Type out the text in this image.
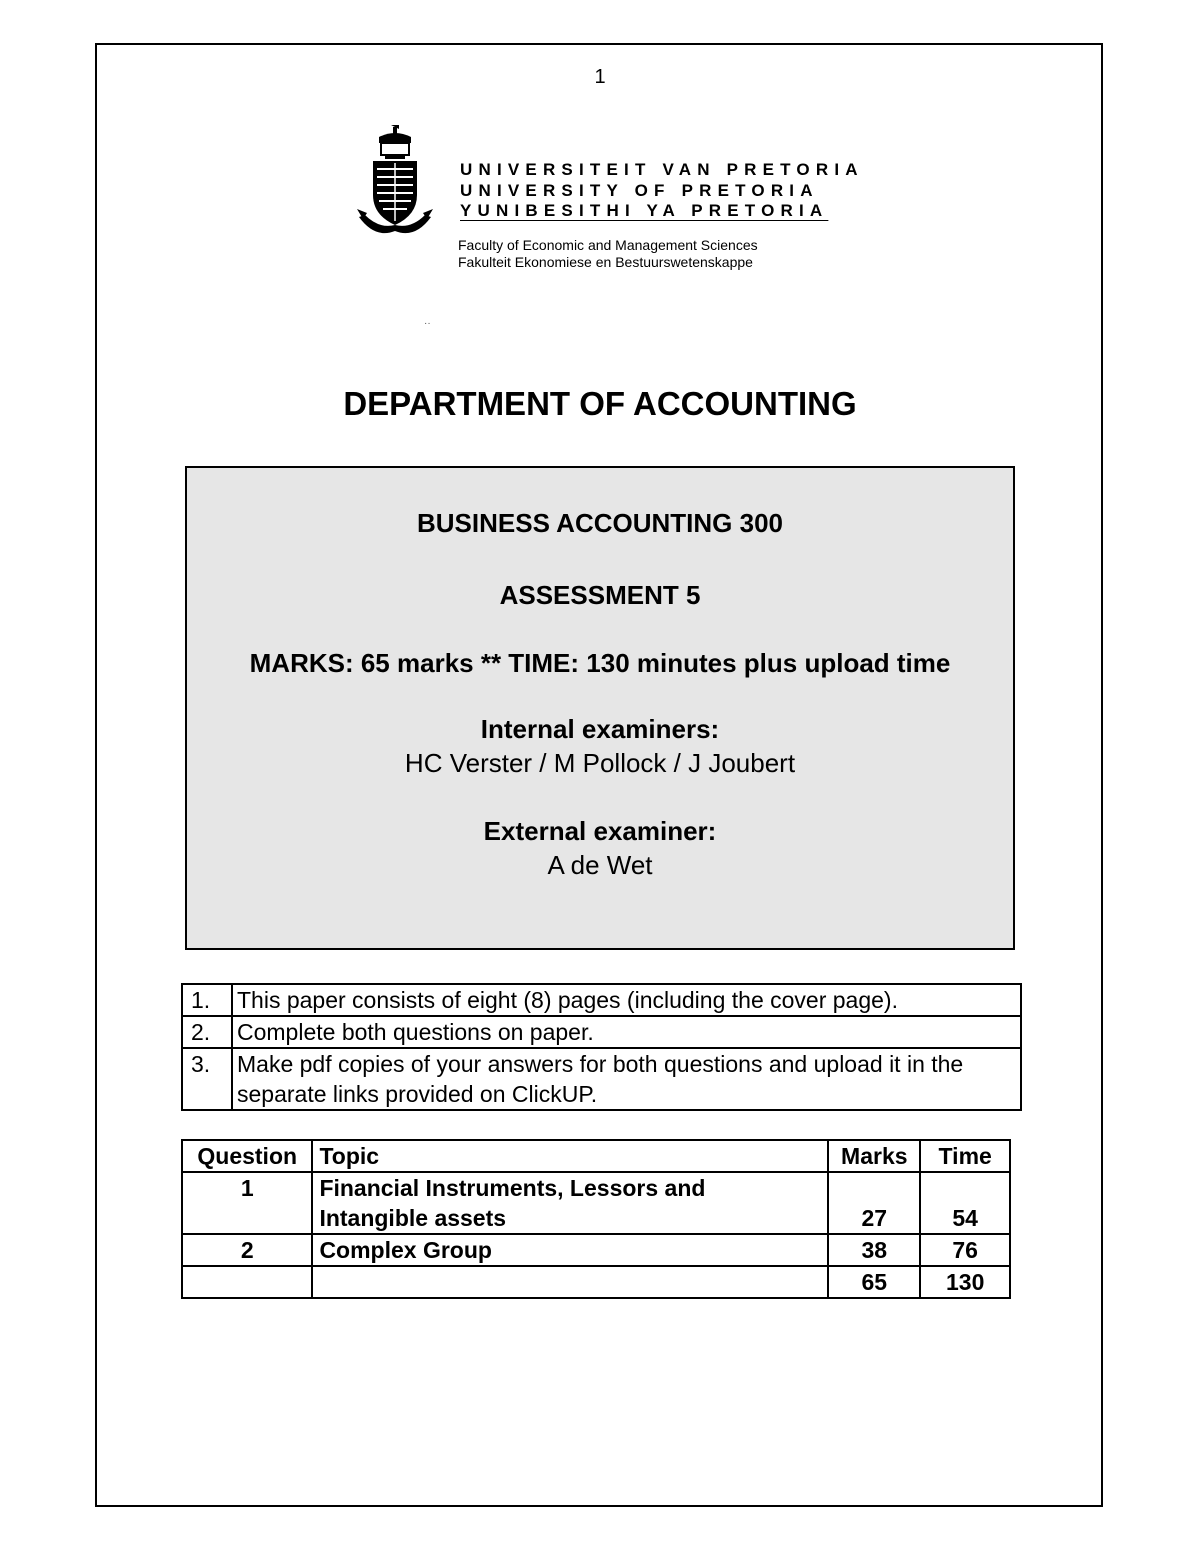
1
UNIVERSITEIT VAN PRETORIA
UNIVERSITY OF PRETORIA
YUNIBESITHI YA PRETORIA
Faculty of Economic and Management Sciences
Fakulteit Ekonomiese en Bestuurswetenskappe
··
DEPARTMENT OF ACCOUNTING
BUSINESS ACCOUNTING 300
ASSESSMENT 5
MARKS: 65 marks ** TIME: 130 minutes plus upload time
Internal examiners:
HC Verster / M Pollock / J Joubert
External examiner:
A de Wet
1.	This paper consists of eight (8) pages (including the cover page).
2.	Complete both questions on paper.
3.	Make pdf copies of your answers for both questions and upload it in the separate links provided on ClickUP.
Question	Topic	Marks	Time
1	Financial Instruments, Lessors and Intangible assets	27	54
2	Complex Group	38	76
		65	130
